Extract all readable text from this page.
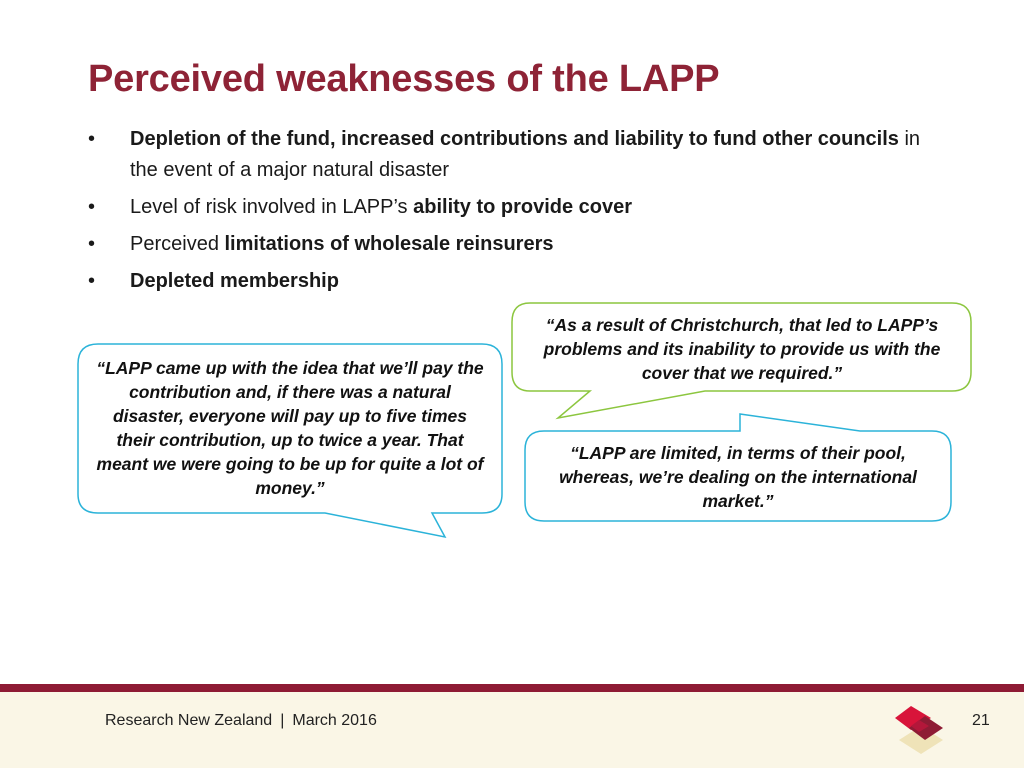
Perceived weaknesses of the LAPP
• Depletion of the fund, increased contributions and liability to fund other councils in the event of a major natural disaster
• Level of risk involved in LAPP’s ability to provide cover
• Perceived limitations of wholesale reinsurers
• Depleted membership
“LAPP came up with the idea that we’ll pay the contribution and, if there was a natural disaster, everyone will pay up to five times their contribution, up to twice a year. That meant we were going to be up for quite a lot of money.”
“As a result of Christchurch, that led to LAPP’s problems and its inability to provide us with the cover that we required.”
“LAPP are limited, in terms of their pool, whereas, we’re dealing on the international market.”
Research New Zealand | March 2016	21
